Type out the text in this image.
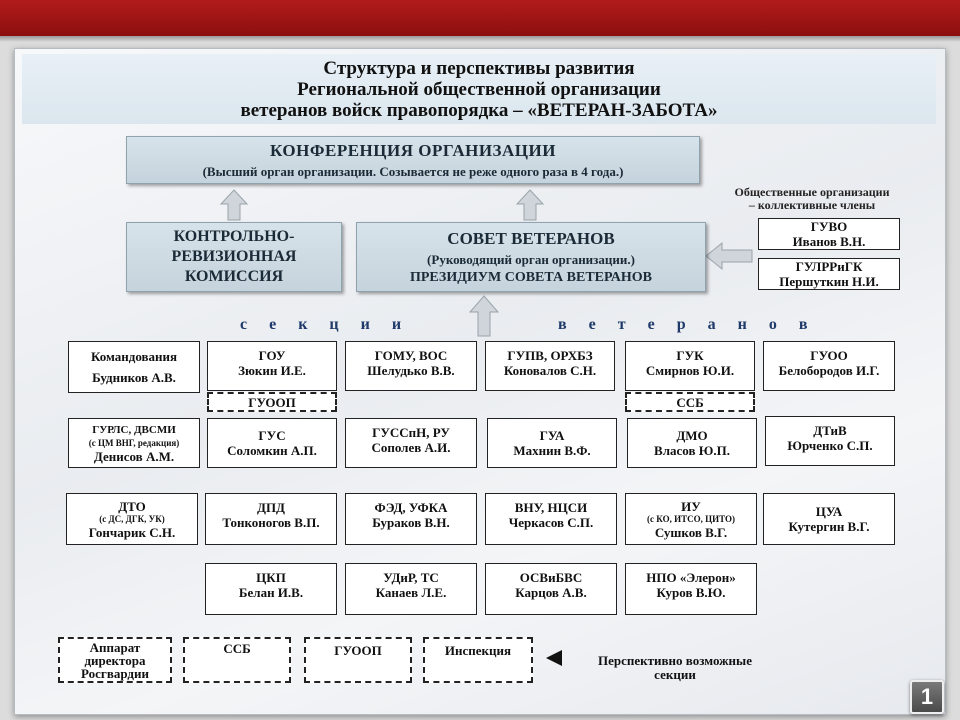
Структура и перспективы развития
Региональной общественной организации
ветеранов войск правопорядка – «ВЕТЕРАН-ЗАБОТА»
КОНФЕРЕНЦИЯ ОРГАНИЗАЦИИ
(Высший орган организации. Созывается не реже одного раза в 4 года.)
КОНТРОЛЬНО-
РЕВИЗИОННАЯ
КОМИССИЯ
СОВЕТ ВЕТЕРАНОВ
(Руководящий орган организации.)
ПРЕЗИДИУМ СОВЕТА ВЕТЕРАНОВ
Общественные организации
– коллективные члены
ГУВО
Иванов В.Н.
ГУЛРРиГК
Першуткин Н.И.
с е к ц и и	в е т е р а н о в
Командования
Будников А.В.
ГОУ
Зюкин И.Е.
ГОМУ, ВОС
Шелудько В.В.
ГУПВ, ОРХБЗ
Коновалов С.Н.
ГУК
Смирнов Ю.И.
ГУОО
Белобородов И.Г.
ГУООП	ССБ
ГУРЛС, ДВСМИ
(с ЦМ ВНГ, редакция)
Денисов А.М.
ГУС
Соломкин А.П.
ГУССпН, РУ
Сополев А.И.
ГУА
Махнин В.Ф.
ДМО
Власов Ю.П.
ДТиВ
Юрченко С.П.
ДТО
(с ДС, ДГК, УК)
Гончарик С.Н.
ДПД
Тонконогов В.П.
ФЭД, УФКА
Бураков В.Н.
ВНУ, НЦСИ
Черкасов С.П.
ИУ
(с КО, ИТСО, ЦИТО)
Сушков В.Г.
ЦУА
Кутергин В.Г.
ЦКП
Белан И.В.
УДиР, ТС
Канаев Л.Е.
ОСВиБВС
Карцов А.В.
НПО «Элерон»
Куров В.Ю.
Аппарат
директора
Росгвардии
ССБ	ГУООП	Инспекция
Перспективно возможные
секции
1
